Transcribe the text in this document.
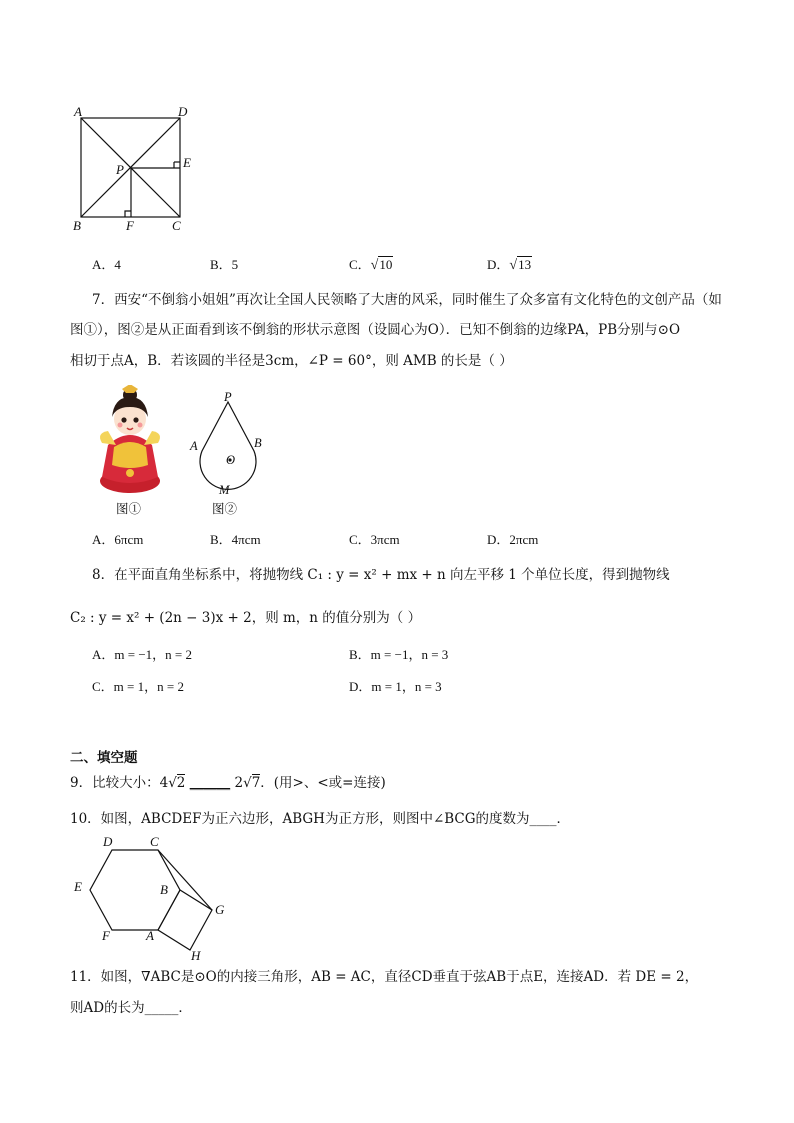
A	D
P	E
B	F	C
A．4	B．5	C．√10	D．√13
7．西安“不倒翁小姐姐”再次让全国人民领略了大唐的风采，同时催生了众多富有文化特色的文创产品（如
图①），图②是从正面看到该不倒翁的形状示意图（设圆心为O）．已知不倒翁的边缘PA，PB分别与⊙O
相切于点A，B．若该圆的半径是3cm，∠P = 60°，则 AMB 的长是（ ）
图①
P
A	B
O
M
图②
A．6πcm	B．4πcm	C．3πcm	D．2πcm
8．在平面直角坐标系中，将抛物线 C₁ : y = x² + mx + n 向左平移 1 个单位长度，得到抛物线
C₂ : y = x² + (2n − 3)x + 2，则 m，n 的值分别为（ ）
A．m = −1，n = 2	B．m = −1，n = 3
C．m = 1，n = 2	D．m = 1，n = 3
二、填空题
9．比较大小：4√2 ______ 2√7．(用>、<或=连接)
10．如图，ABCDEF为正六边形，ABGH为正方形，则图中∠BCG的度数为____．
D	C
E	B
G
F	A
H
11．如图，∇ABC是⊙O的内接三角形，AB = AC，直径CD垂直于弦AB于点E，连接AD．若 DE = 2，
则AD的长为_____．
